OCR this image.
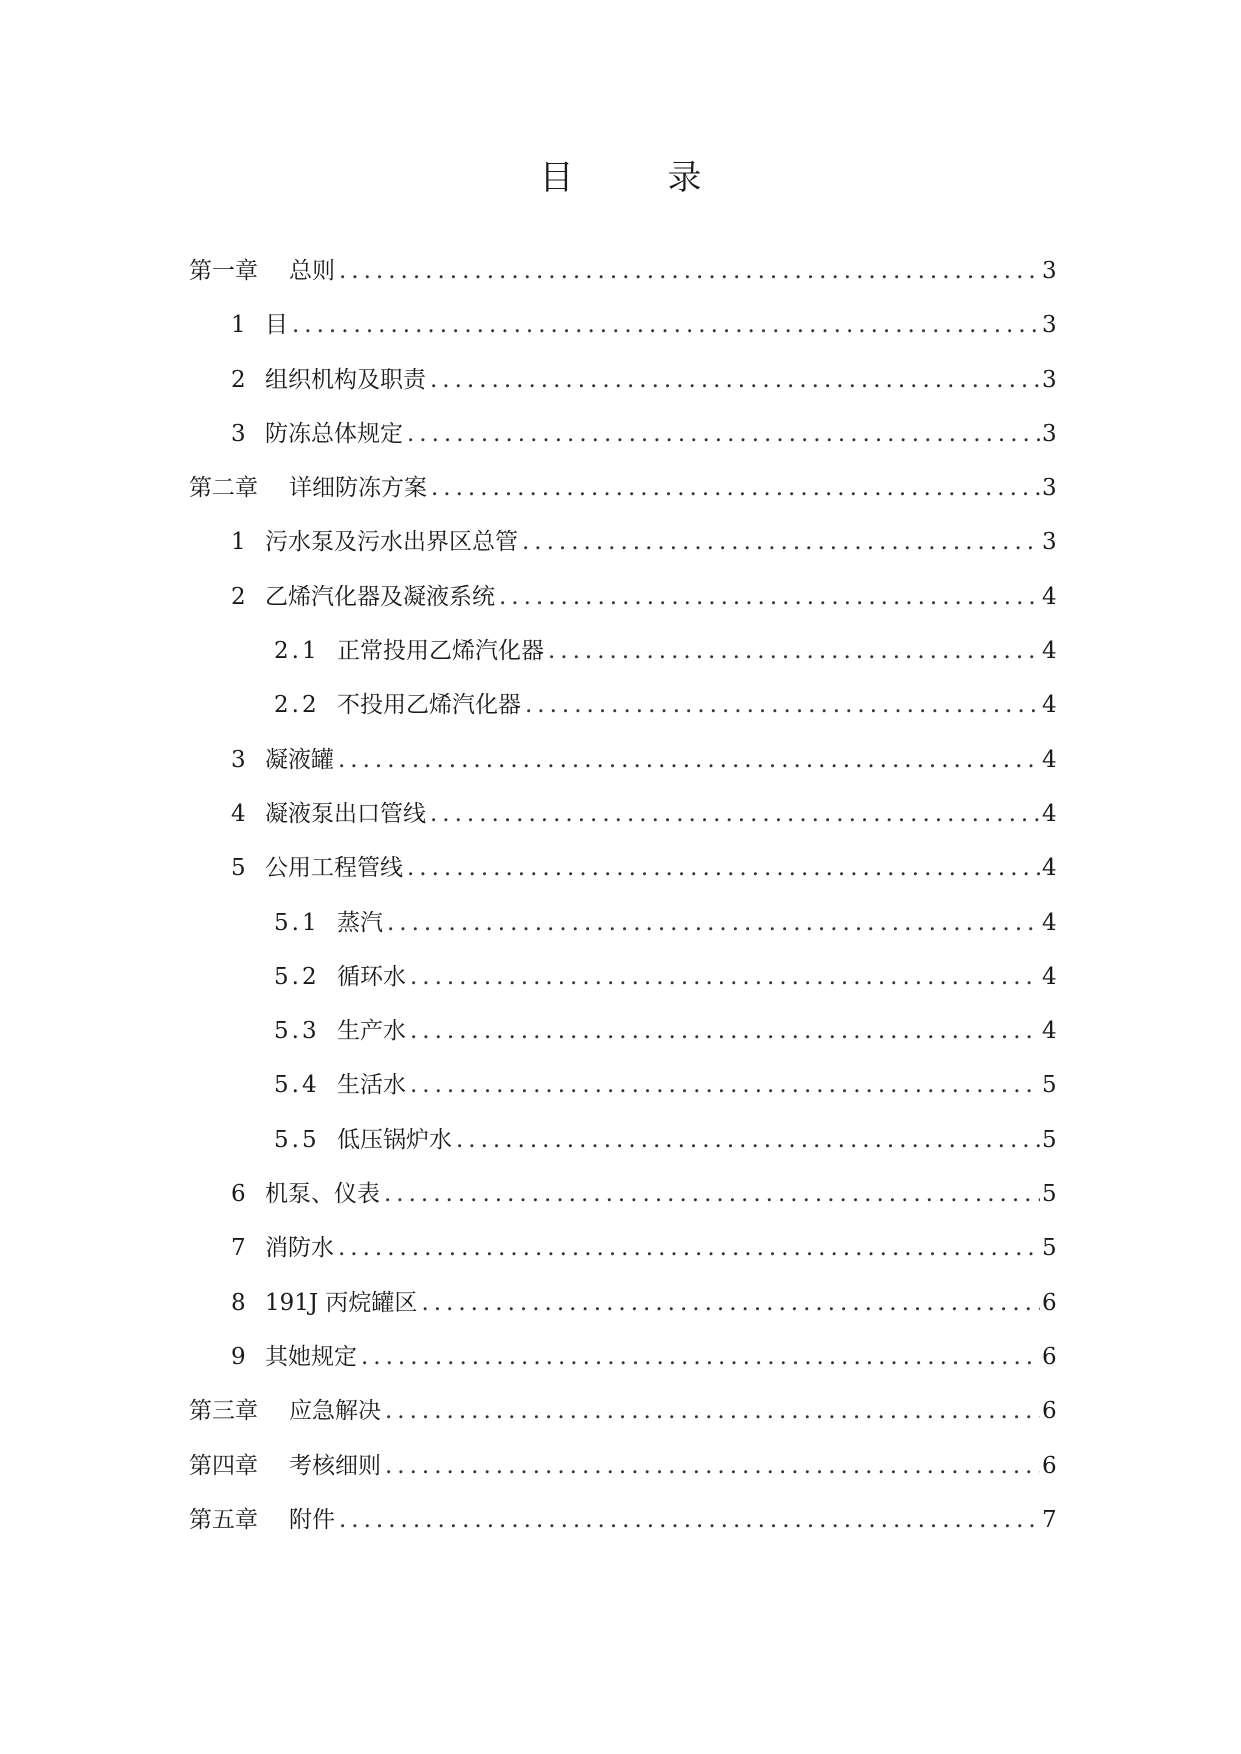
目　录
第一章	总则 .....	3
1 目 .....	3
2 组织机构及职责 .....	3
3 防冻总体规定 .....	3
第二章	详细防冻方案 .....	3
1 污水泵及污水出界区总管 .....	3
2 乙烯汽化器及凝液系统 .....	4
2.1 正常投用乙烯汽化器 .....	4
2.2 不投用乙烯汽化器 .....	4
3 凝液罐 .....	4
4 凝液泵出口管线 .....	4
5 公用工程管线 .....	4
5.1 蒸汽 .....	4
5.2 循环水 .....	4
5.3 生产水 .....	4
5.4 生活水 .....	5
5.5 低压锅炉水 .....	5
6 机泵、仪表 .....	5
7 消防水 .....	5
8 191J 丙烷罐区 .....	6
9 其她规定 .....	6
第三章	应急解决 .....	6
第四章	考核细则 .....	6
第五章	附件 .....	7
